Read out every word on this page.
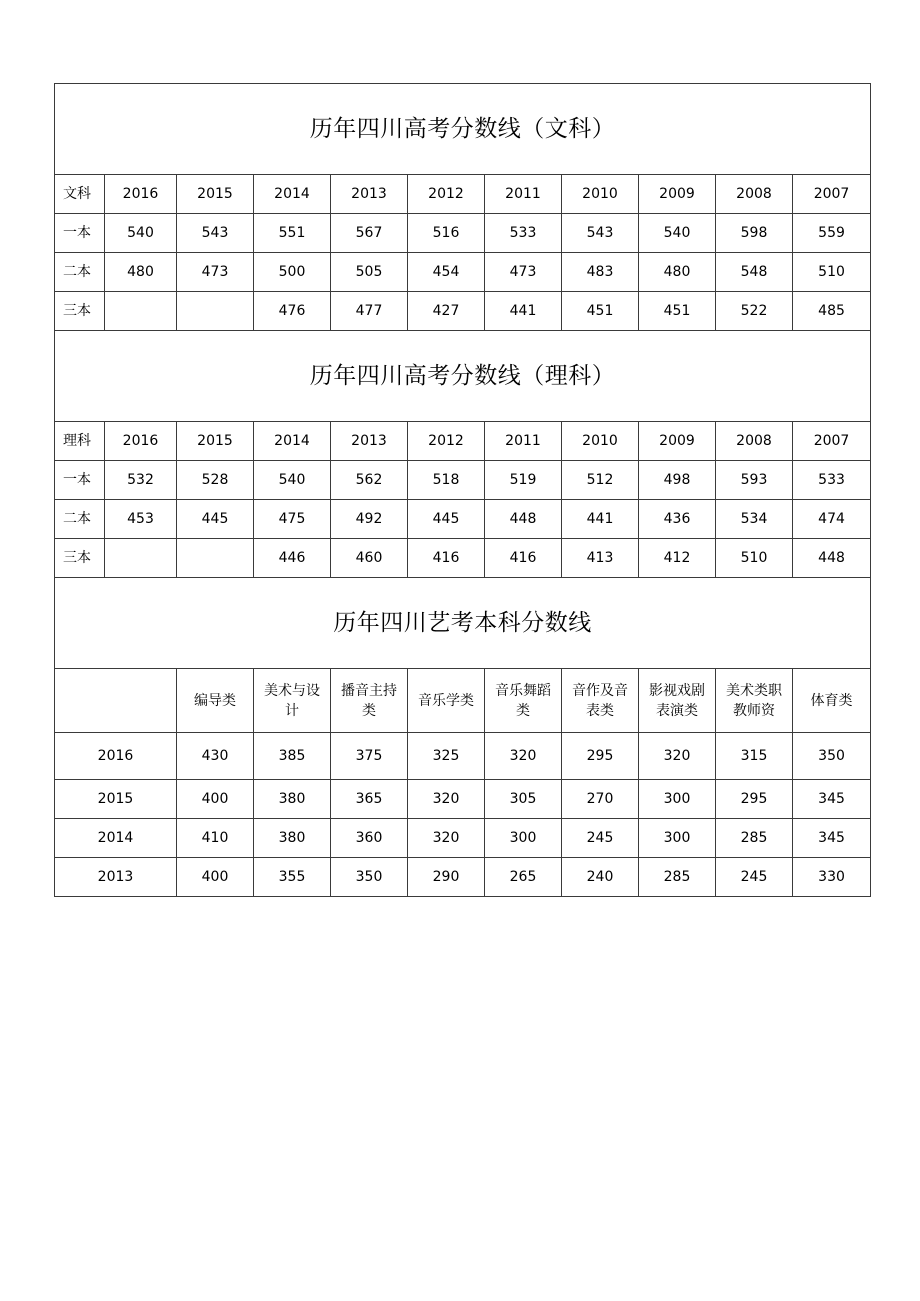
历年四川高考分数线（文科）										
文科	2016	2015	2014	2013	2012	2011	2010	2009	2008	2007
一本	540	543	551	567	516	533	543	540	598	559
二本	480	473	500	505	454	473	483	480	548	510
三本			476	477	427	441	451	451	522	485
历年四川高考分数线（理科）										
理科	2016	2015	2014	2013	2012	2011	2010	2009	2008	2007
一本	532	528	540	562	518	519	512	498	593	533
二本	453	445	475	492	445	448	441	436	534	474
三本			446	460	416	416	413	412	510	448
历年四川艺考本科分数线										
		编导类	美术与设计	播音主持类	音乐学类	音乐舞蹈类	音作及音表类	影视戏剧表演类	美术类职教师资	体育类
2016		430	385	375	325	320	295	320	315	350
2015		400	380	365	320	305	270	300	295	345
2014		410	380	360	320	300	245	300	285	345
2013		400	355	350	290	265	240	285	245	330
